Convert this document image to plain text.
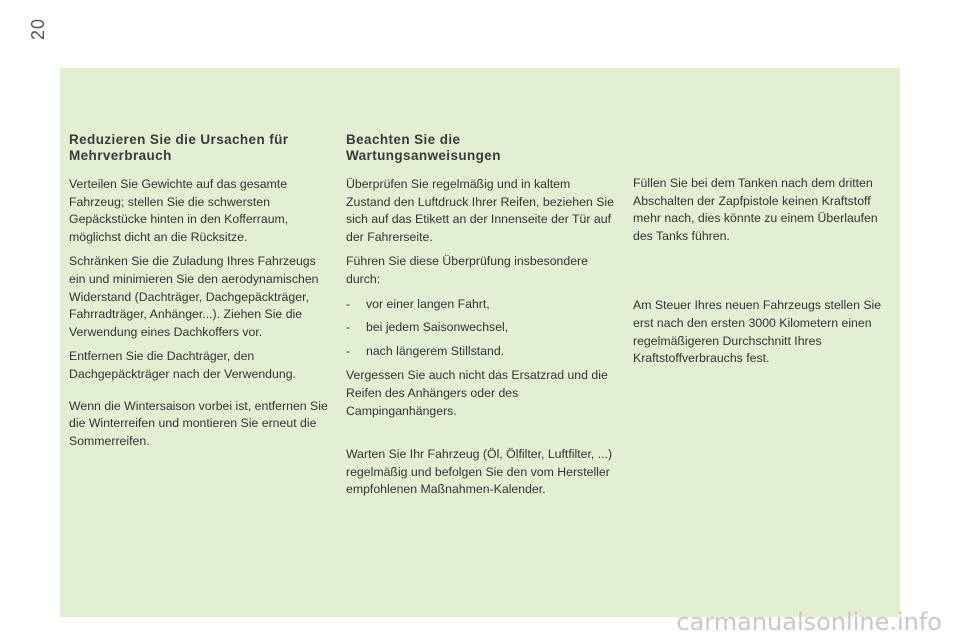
20
Reduzieren Sie die Ursachen für Mehrverbrauch

Verteilen Sie Gewichte auf das gesamte Fahrzeug; stellen Sie die schwersten Gepäckstücke hinten in den Kofferraum, möglichst dicht an die Rücksitze.

Schränken Sie die Zuladung Ihres Fahrzeugs ein und minimieren Sie den aerodynamischen Widerstand (Dachträger, Dachgepäckträger, Fahrradträger, Anhänger...). Ziehen Sie die Verwendung eines Dachkoffers vor.

Entfernen Sie die Dachträger, den Dachgepäckträger nach der Verwendung.

Wenn die Wintersaison vorbei ist, entfernen Sie die Winterreifen und montieren Sie erneut die Sommerreifen.

Beachten Sie die Wartungsanweisungen

Überprüfen Sie regelmäßig und in kaltem Zustand den Luftdruck Ihrer Reifen, beziehen Sie sich auf das Etikett an der Innenseite der Tür auf der Fahrerseite.

Führen Sie diese Überprüfung insbesondere durch:

-	vor einer langen Fahrt,
-	bei jedem Saisonwechsel,
-	nach längerem Stillstand.

Vergessen Sie auch nicht das Ersatzrad und die Reifen des Anhängers oder des Campinganhängers.

Warten Sie Ihr Fahrzeug (Öl, Ölfilter, Luftfilter, ...) regelmäßig und befolgen Sie den vom Hersteller empfohlenen Maßnahmen-Kalender.

Füllen Sie bei dem Tanken nach dem dritten Abschalten der Zapfpistole keinen Kraftstoff mehr nach, dies könnte zu einem Überlaufen des Tanks führen.

Am Steuer Ihres neuen Fahrzeugs stellen Sie erst nach den ersten 3000 Kilometern einen regelmäßigeren Durchschnitt Ihres Kraftstoffverbrauchs fest.

carmanualsonline.info
